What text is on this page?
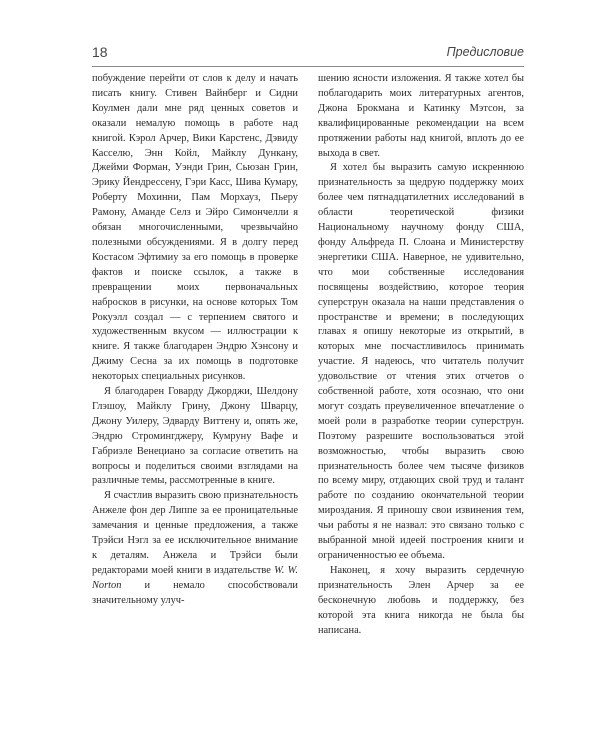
18	Предисловие

побуждение перейти от слов к делу и начать писать книгу. Стивен Вайнберг и Сидни Коулмен дали мне ряд ценных советов и оказали немалую помощь в работе над книгой. Кэрол Арчер, Вики Карстенс, Дэвиду Касселю, Энн Койл, Майклу Дункану, Джейми Форман, Уэнди Грин, Сьюзан Грин, Эрику Йендрессену, Гэри Касс, Шива Кумару, Роберту Мохинни, Пам Морхауз, Пьеру Рамону, Аманде Селз и Эйро Симончелли я обязан многочисленными, чрезвычайно полезными обсуждениями. Я в долгу перед Костасом Эфтимиу за его помощь в проверке фактов и поиске ссылок, а также в превращении моих первоначальных набросков в рисунки, на основе которых Том Рокуэлл создал — с терпением святого и художественным вкусом — иллюстрации к книге. Я также благодарен Эндрю Хэнсону и Джиму Сесна за их помощь в подготовке некоторых специальных рисунков.

Я благодарен Говарду Джорджи, Шелдону Глэшоу, Майклу Грину, Джону Шварцу, Джону Уилеру, Эдварду Виттену и, опять же, Эндрю Стромингджеру, Кумруну Вафе и Габриэле Венециано за согласие ответить на вопросы и поделиться своими взглядами на различные темы, рассмотренные в книге.

Я счастлив выразить свою признательность Анжеле фон дер Липпе за ее проницательные замечания и ценные предложения, а также Трэйси Нэгл за ее исключительное внимание к деталям. Анжела и Трэйси были редакторами моей книги в издательстве W. W. Norton и немало способствовали значительному улуч-

шению ясности изложения. Я также хотел бы поблагодарить моих литературных агентов, Джона Брокмана и Катинку Мэтсон, за квалифицированные рекомендации на всем протяжении работы над книгой, вплоть до ее выхода в свет.

Я хотел бы выразить самую искреннюю признательность за щедрую поддержку моих более чем пятнадцатилетних исследований в области теоретической физики Национальному научному фонду США, фонду Альфреда П. Слоана и Министерству энергетики США. Наверное, не удивительно, что мои собственные исследования посвящены воздействию, которое теория суперструн оказала на наши представления о пространстве и времени; в последующих главах я опишу некоторые из открытий, в которых мне посчастливилось принимать участие. Я надеюсь, что читатель получит удовольствие от чтения этих отчетов о собственной работе, хотя осознаю, что они могут создать преувеличенное впечатление о моей роли в разработке теории суперструн. Поэтому разрешите воспользоваться этой возможностью, чтобы выразить свою признательность более чем тысяче физиков по всему миру, отдающих свой труд и талант работе по созданию окончательной теории мироздания. Я приношу свои извинения тем, чьи работы я не назвал: это связано только с выбранной мной идеей построения книги и ограниченностью ее объема.

Наконец, я хочу выразить сердечную признательность Элен Арчер за ее бесконечную любовь и поддержку, без которой эта книга никогда не была бы написана.
